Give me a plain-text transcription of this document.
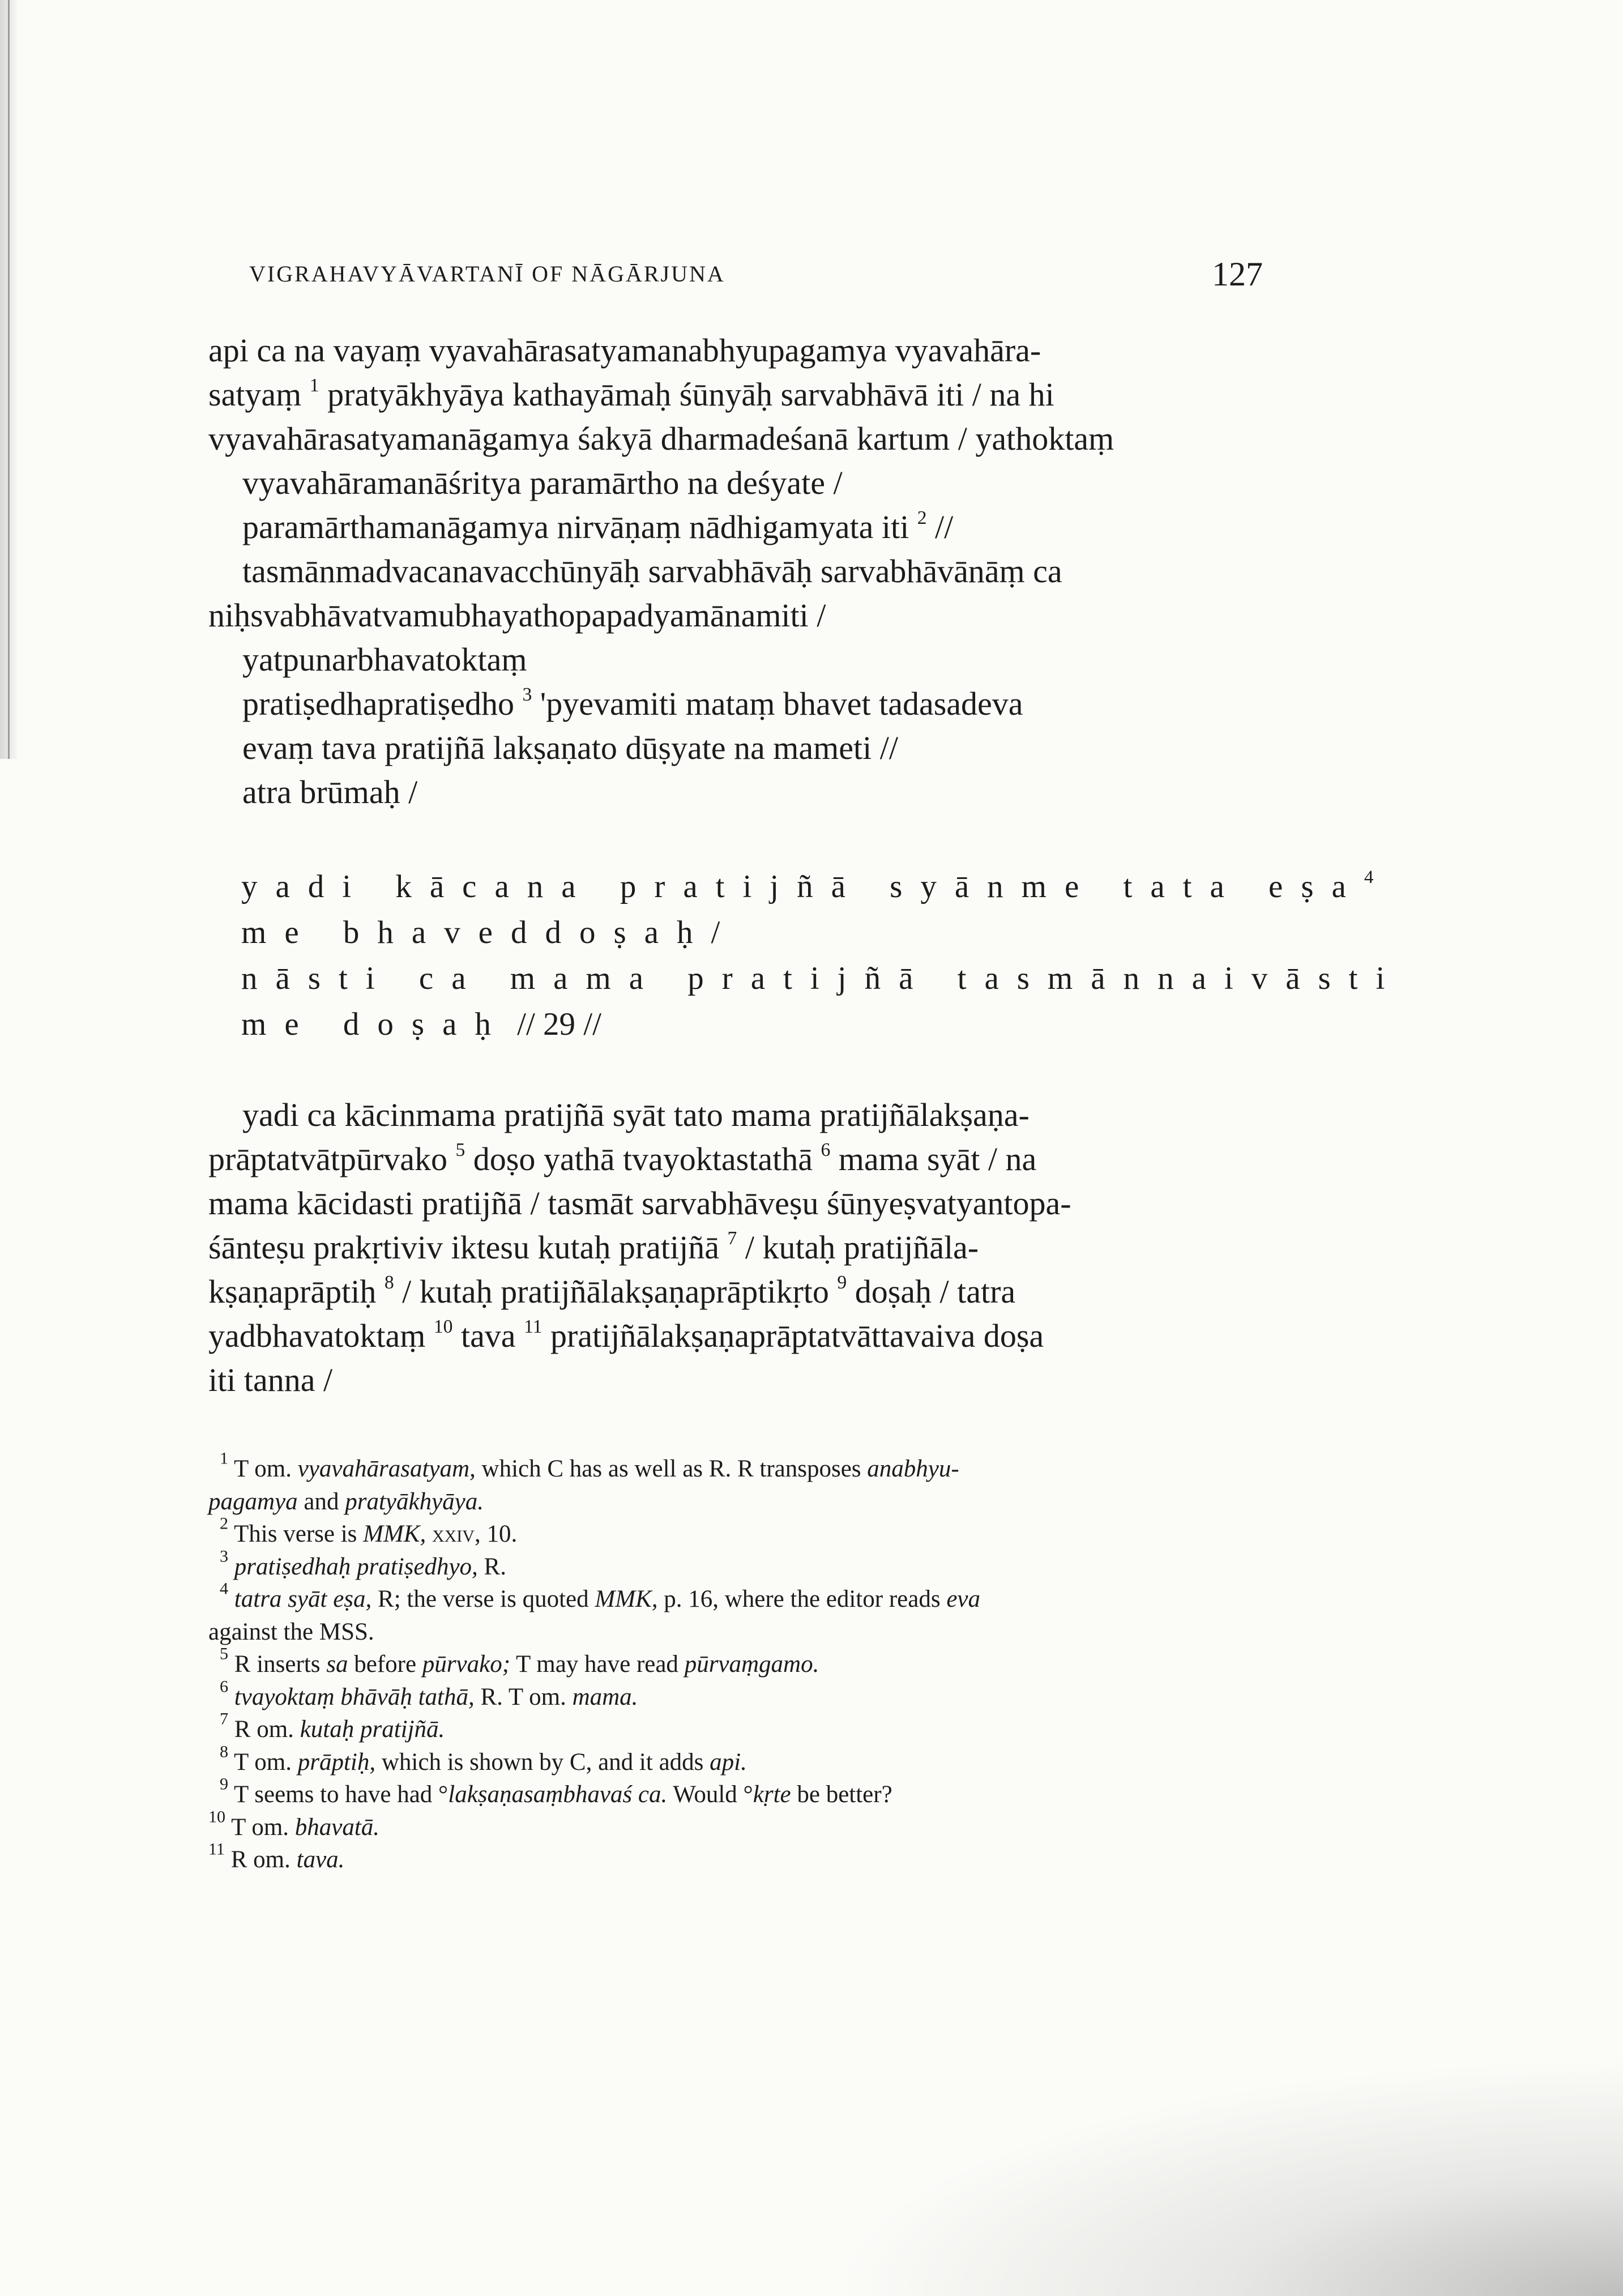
VIGRAHAVYĀVARTANĪ OF NĀGĀRJUNA	127
api ca na vayaṃ vyavahārasatyamanabhyupagamya vyavahāra-
satyaṃ $^1$ pratyākhyāya kathayāmaḥ śūnyāḥ sarvabhāvā iti / na hi
vyavahārasatyamanāgamya śakyā dharmadeśanā kartum / yathoktaṃ
vyavahāramanāśritya paramārtho na deśyate /
paramārthamanāgamya nirvāṇaṃ nādhigamyata iti $^2$ //
tasmānmadvacanavacchūnyāḥ sarvabhāvāḥ sarvabhāvānāṃ ca
niḥsvabhāvatvamubhayathopapadyamānamiti /
yatpunarbhavatoktaṃ
pratiṣedhapratiṣedho $^3$ 'pyevamiti mataṃ bhavet tadasadeva
evaṃ tava pratijñā lakṣaṇato dūṣyate na mameti //
atra brūmaḥ /
yadi kācana pratijñā syānme tata eṣa$^4$
me bhaveddoṣaḥ/
nāsti ca mama pratijñā tasmānnaivāsti
me doṣaḥ // 29 //
yadi ca kācinmama pratijñā syāt tato mama pratijñālakṣaṇa-
prāptatvātpūrvako $^5$ doṣo yathā tvayoktastathā $^6$ mama syāt / na
mama kācidasti pratijñā / tasmāt sarvabhāveṣu śūnyeṣvatyantopa-
śānteṣu prakṛtiviv iktesu kutaḥ pratijñā $^7$ / kutaḥ pratijñāla-
kṣaṇaprāptiḥ $^8$ / kutaḥ pratijñālakṣaṇaprāptikṛto $^9$ doṣaḥ / tatra
yadbhavatoktaṃ $^{10}$ tava $^{11}$ pratijñālakṣaṇaprāptatvāttavaiva doṣa
iti tanna /
$^1$ T om. vyavahārasatyam, which C has as well as R. R transposes anabhyu-
pagamya and pratyākhyāya.
$^2$ This verse is MMK, xxiv, 10.
$^3$ pratiṣedhaḥ pratiṣedhyo, R.
$^4$ tatra syāt eṣa, R; the verse is quoted MMK, p. 16, where the editor reads eva
against the MSS.
$^5$ R inserts sa before pūrvako; T may have read pūrvaṃgamo.
$^6$ tvayoktaṃ bhāvāḥ tathā, R. T om. mama.
$^7$ R om. kutaḥ pratijñā.
$^8$ T om. prāptiḥ, which is shown by C, and it adds api.
$^9$ T seems to have had °lakṣaṇasaṃbhavaś ca. Would °kṛte be better?
$^{10}$ T om. bhavatā.
$^{11}$ R om. tava.
